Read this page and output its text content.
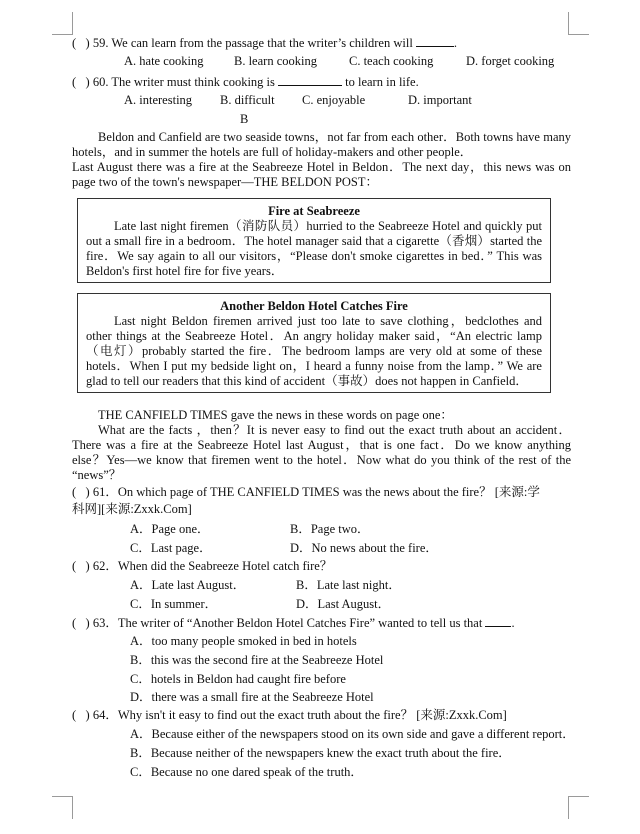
( ) 59. We can learn from the passage that the writer’s children will	.
A. hate cooking B. learn cooking	C. teach cooking	D. forget cooking
( ) 60. The writer must think cooking is	to learn in life.
A. interesting B. difficult C. enjoyable	D. important
B
Beldon and Canfield are two seaside towns，not far from each other．Both towns have many hotels，and in summer the hotels are full of holiday-makers and other people．
Last August there was a fire at the Seabreeze Hotel in Beldon．The next day，this news was on page two of the town's newspaper—THE BELDON POST：
Fire at Seabreeze
Late last night firemen（消防队员）hurried to the Seabreeze Hotel and quickly put out a small fire in a bedroom．The hotel manager said that a cigarette（香烟）started the fire．We say again to all our visitors，“Please don't smoke cigarettes in bed．” This was Beldon's first hotel fire for five years．
Another Beldon Hotel Catches Fire
Last night Beldon firemen arrived just too late to save clothing，bedclothes and other things at the Seabreeze Hotel．An angry holiday maker said，“An electric lamp（电灯）probably started the fire．The bedroom lamps are very old at some of these hotels．When I put my bedside light on，I heard a funny noise from the lamp．” We are glad to tell our readers that this kind of accident（事故）does not happen in Canfield．
THE CANFIELD TIMES gave the news in these words on page one：
What are the facts ，then？It is never easy to find out the exact truth about an accident．There was a fire at the Seabreeze Hotel last August，that is one fact．Do we know anything else？Yes—we know that firemen went to the hotel．Now what do you think of the rest of the “news”？
( ) 61．On which page of THE CANFIELD TIMES was the news about the fire？ [来源:学
科网][来源:Zxxk.Com]
A．Page one．	B．Page two．
C．Last page．	D．No news about the fire．
( ) 62．When did the Seabreeze Hotel catch fire？
A．Late last August．	B．Late last night．
C．In summer．	D．Last August．
( ) 63．The writer of “Another Beldon Hotel Catches Fire” wanted to tell us that .
A．too many people smoked in bed in hotels
B．this was the second fire at the Seabreeze Hotel
C．hotels in Beldon had caught fire before
D．there was a small fire at the Seabreeze Hotel
( ) 64．Why isn't it easy to find out the exact truth about the fire？ [来源:Zxxk.Com]
A．Because either of the newspapers stood on its own side and gave a different report．
B．Because neither of the newspapers knew the exact truth about the fire．
C．Because no one dared speak of the truth．
